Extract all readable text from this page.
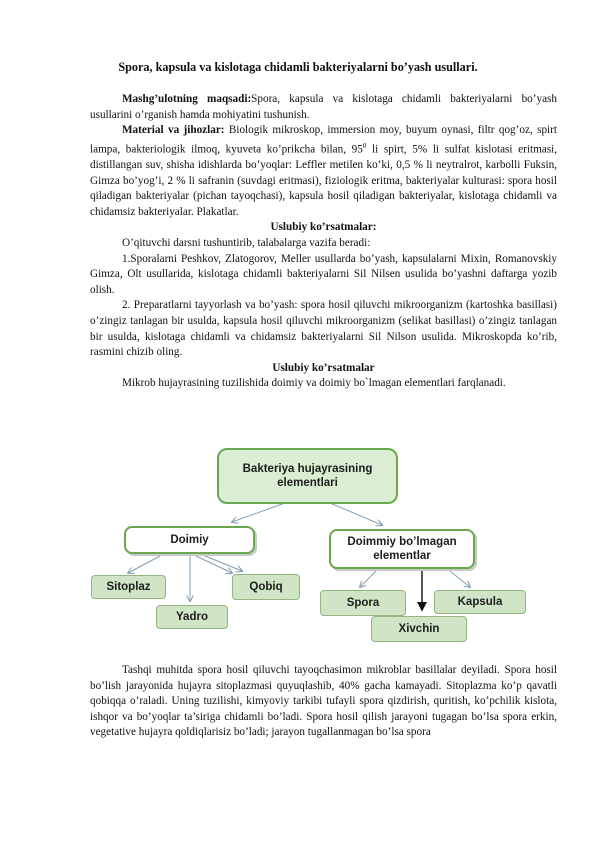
Spora, kapsula va kislotaga chidamli bakteriyalarni bo’yash usullari.

Mashg’ulotning maqsadi:Spora, kapsula va kislotaga chidamli bakteriyalarni bo’yash usullarini o’rganish hamda mohiyatini tushunish.

Material va jihozlar: Biologik mikroskop, immersion moy, buyum oynasi, filtr qog’oz, spirt lampa, bakteriologik ilmoq, kyuveta ko’prikcha bilan, $95^0$ li spirt, 5% li sulfat kislotasi eritmasi, distillangan suv, shisha idishlarda bo’yoqlar: Leffler metilen ko’ki, 0,5 % li neytralrot, karbolli Fuksin, Gimza bo’yog’i, 2 % li safranin (suvdagi eritmasi), fiziologik eritma, bakteriyalar kulturasi: spora hosil qiladigan bakteriyalar (pichan tayoqchasi), kapsula hosil qiladigan bakteriyalar, kislotaga chidamli va chidamsiz bakteriyalar. Plakatlar.

Uslubiy ko’rsatmalar:

O’qituvchi darsni tushuntirib, talabalarga vazifa beradi:

1.Sporalarni Peshkov, Zlatogorov, Meller usullarda bo’yash, kapsulalarni Mixin, Romanovskiy Gimza, Olt usullarida, kislotaga chidamli bakteriyalarni Sil Nilsen usulida bo’yashni daftarga yozib olish.

2. Preparatlarni tayyorlash va bo’yash: spora hosil qiluvchi mikroorganizm (kartoshka basillasi) o’zingiz tanlagan bir usulda, kapsula hosil qiluvchi mikroorganizm (selikat basillasi) o’zingiz tanlagan bir usulda, kislotaga chidamli va chidamsiz bakteriyalarni Sil Nilson usulida. Mikroskopda ko’rib, rasmini chizib oling.

Uslubiy ko’rsatmalar

Mikrob hujayrasining tuzilishida doimiy va doimiy bo`lmagan elementlari farqlanadi.

Bakteriya hujayrasining elementlari
Doimiy	Doimmiy bo’lmagan elementlar
Sitoplaz
Yadro
Qobiq
Spora	Kapsula
Xivchin

Tashqi muhitda spora hosil qiluvchi tayoqchasimon mikroblar basillalar deyiladi. Spora hosil bo’lish jarayonida hujayra sitoplazmasi quyuqlashib, 40% gacha kamayadi. Sitoplazma ko’p qavatli qobiqqa o’raladi. Uning tuzilishi, kimyoviy tarkibi tufayli spora qizdirish, quritish, ko’pchilik kislota, ishqor va bo’yoqlar ta’siriga chidamli bo’ladi. Spora hosil qilish jarayoni tugagan bo’lsa spora erkin, vegetative hujayra qoldiqlarisiz bo’ladi; jarayon tugallanmagan bo’lsa spora
